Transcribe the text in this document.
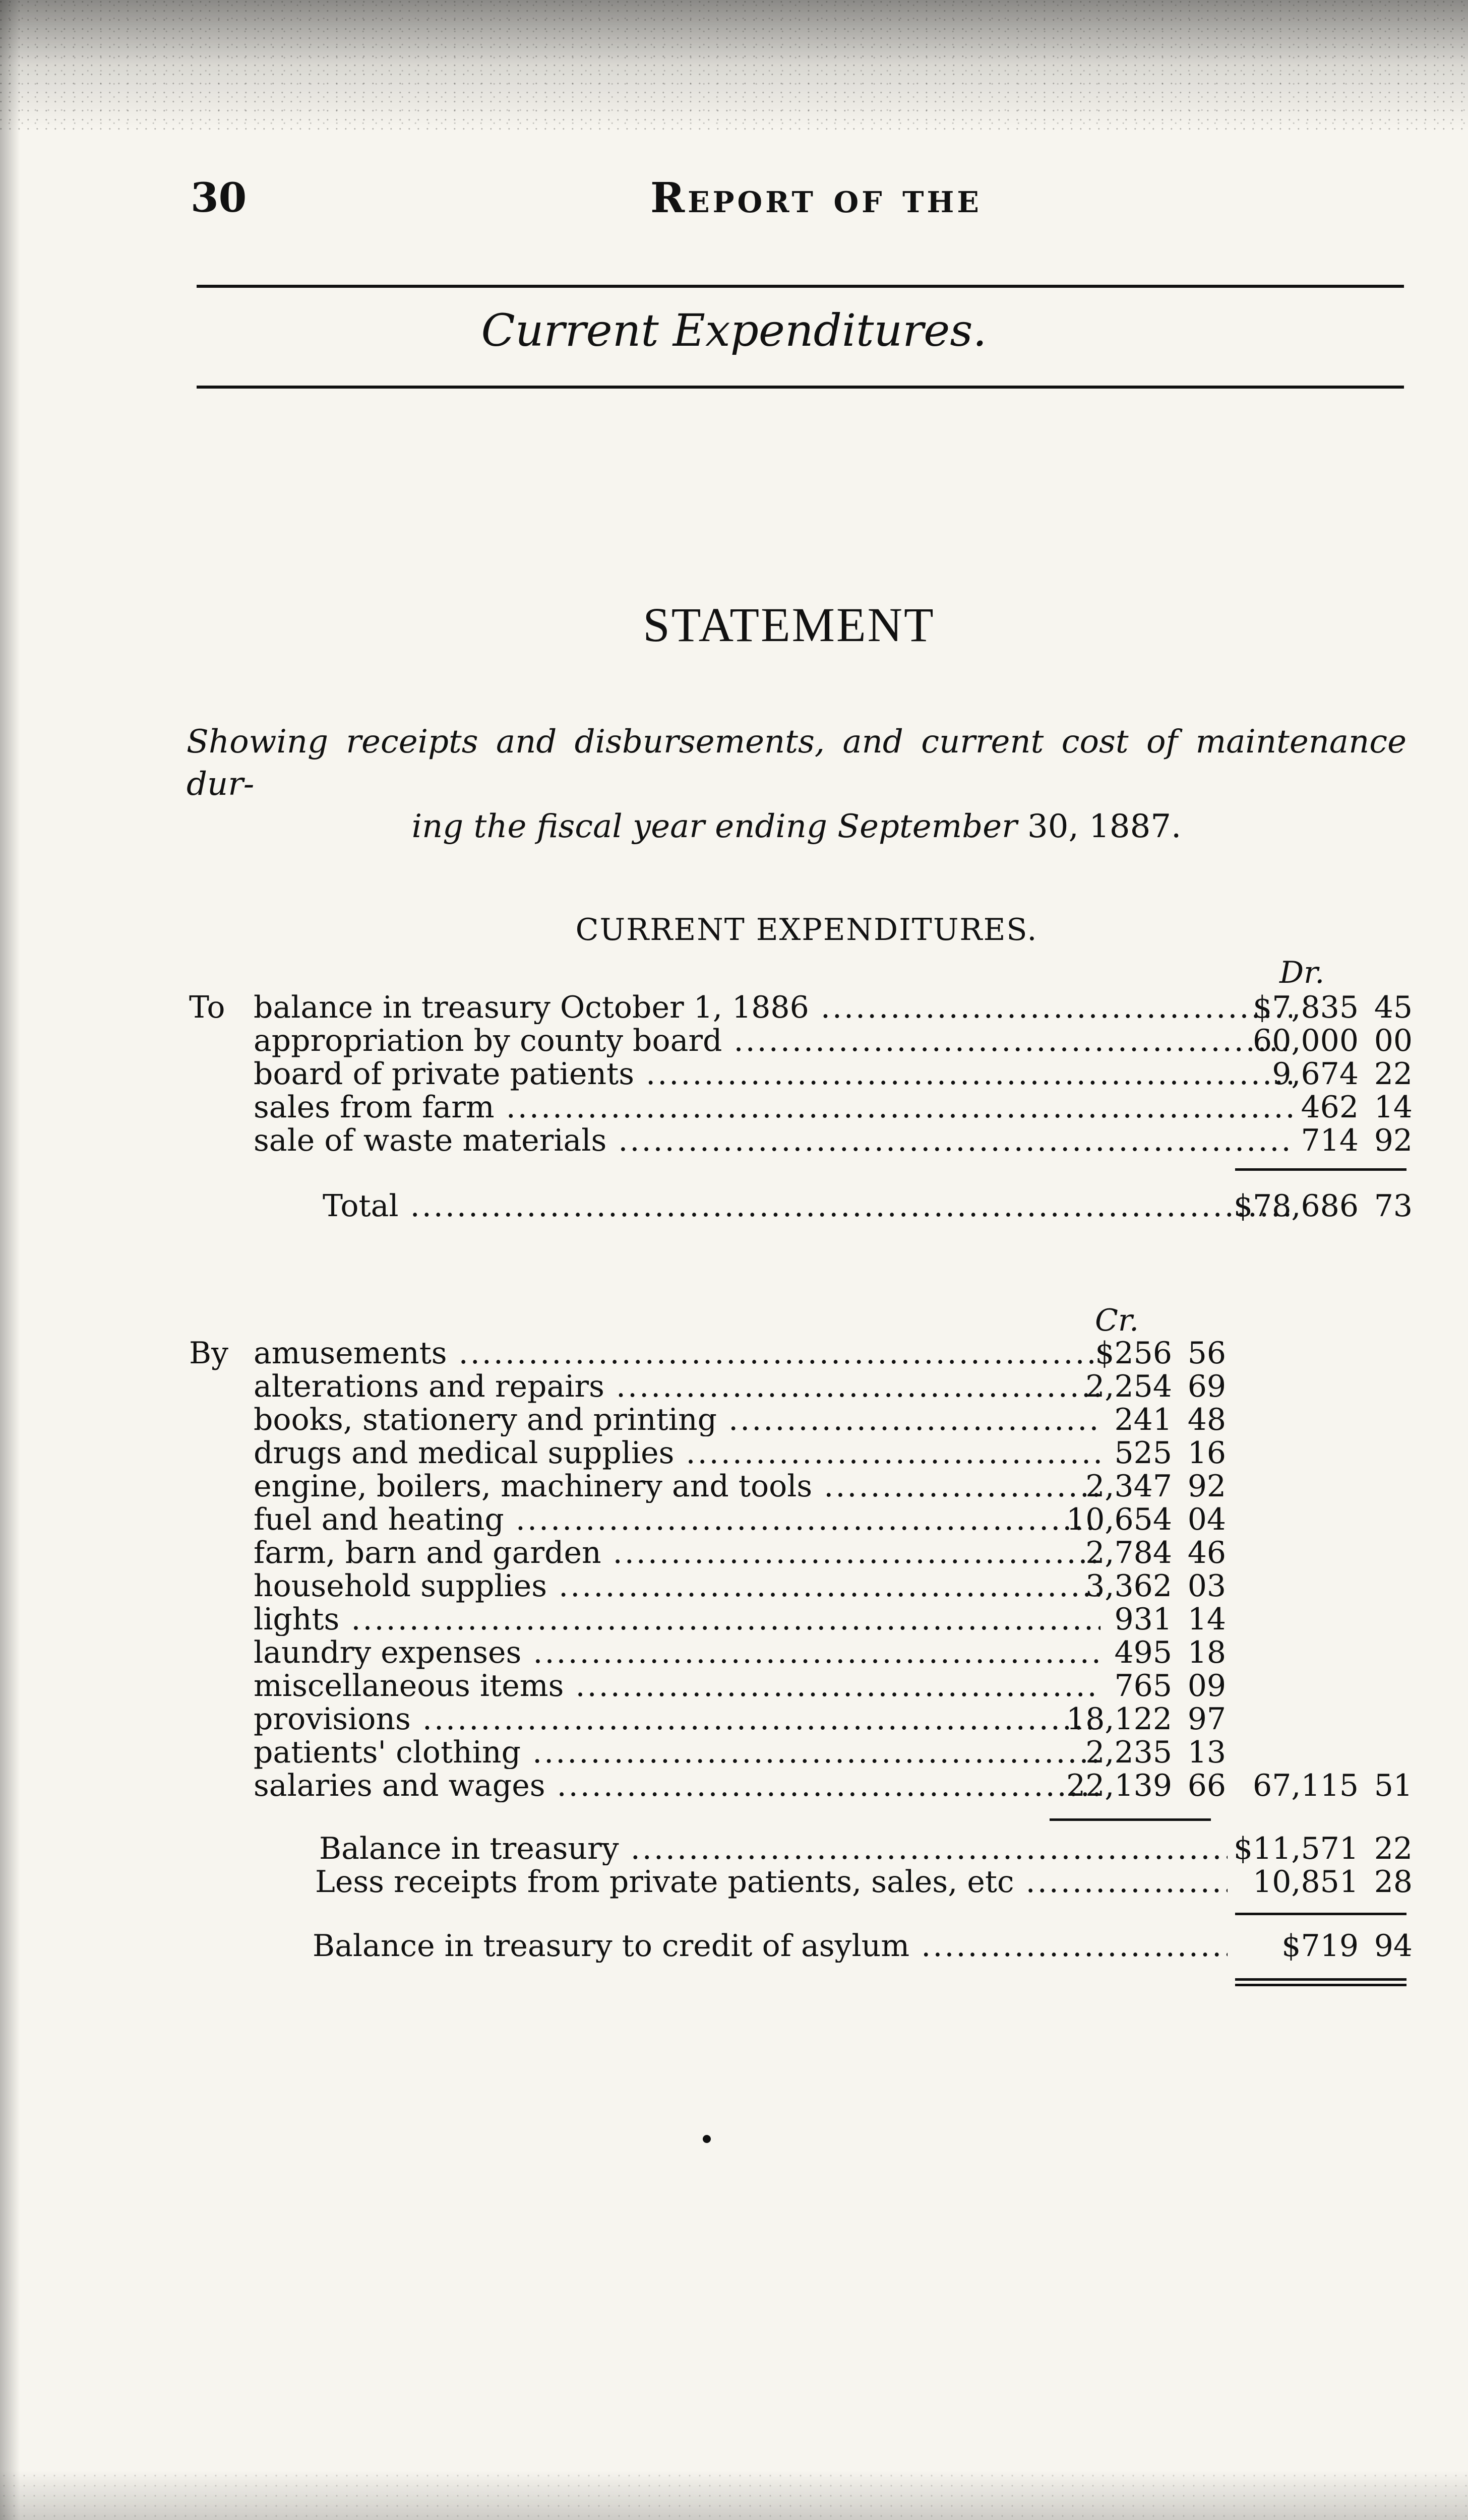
30	Report of the
Current Expenditures.
STATEMENT
Showing receipts and disbursements, and current cost of maintenance dur-
ing the fiscal year ending September 30, 1887.
CURRENT EXPENDITURES.
Dr.
To balance in treasury October 1, 1886 .....	$7,835 45
appropriation by county board .....	60,000 00
board of private patients .....	9,674 22
sales from farm .....	462 14
sale of waste materials .....	714 92
Total .....	$78,686 73
Cr.
By amusements .....	$256 56
alterations and repairs .....	2,254 69
books, stationery and printing .....	241 48
drugs and medical supplies .....	525 16
engine, boilers, machinery and tools .....	2,347 92
fuel and heating .....	10,654 04
farm, barn and garden .....	2,784 46
household supplies .....	3,362 03
lights .....	931 14
laundry expenses .....	495 18
miscellaneous items .....	765 09
provisions .....	18,122 97
patients' clothing .....	2,235 13
salaries and wages .....	22,139 66 67,115 51
Balance in treasury .....	$11,571 22
Less receipts from private patients, sales, etc .....	10,851 28
Balance in treasury to credit of asylum .....	$719 94
